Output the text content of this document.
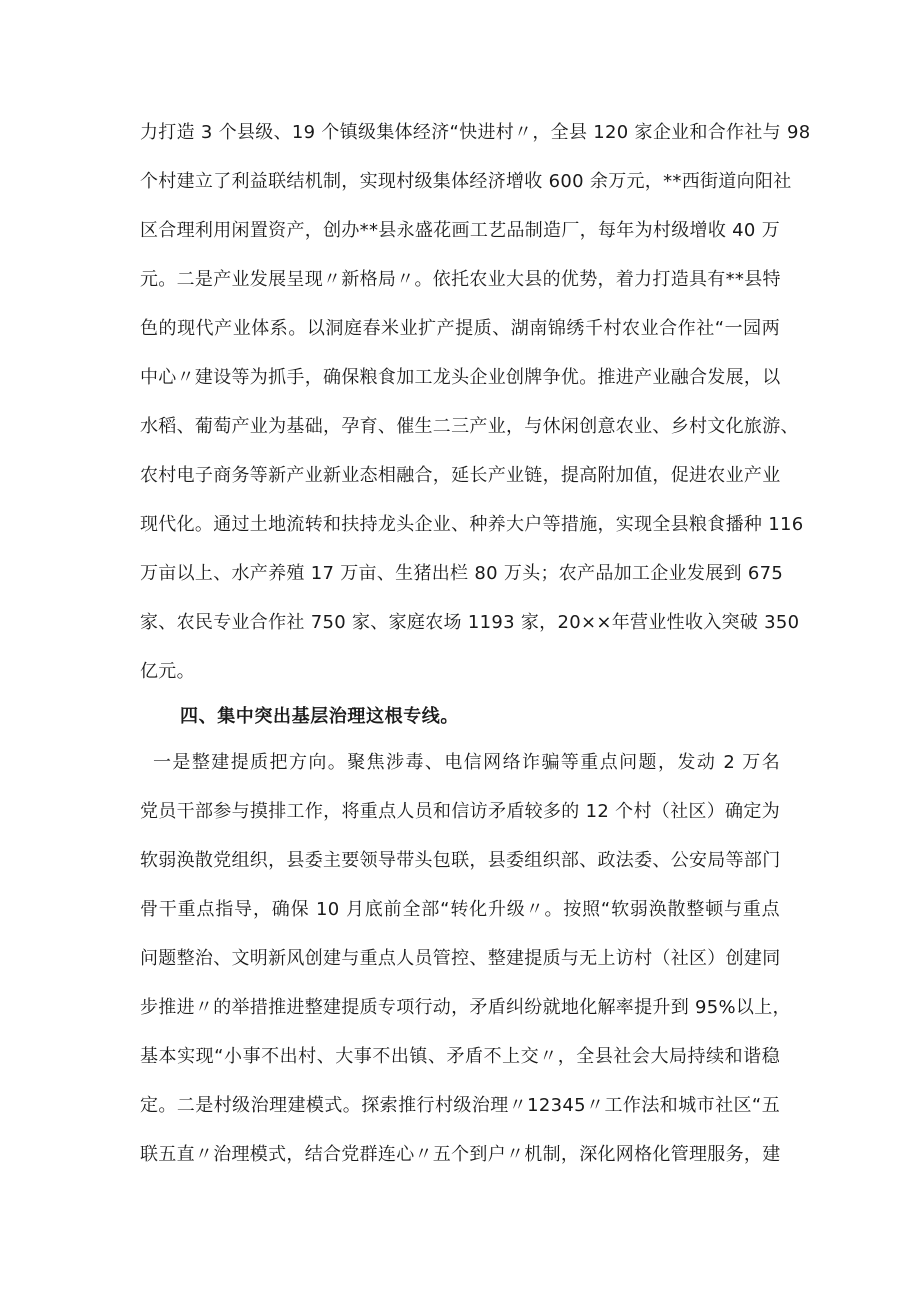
力打造 3 个县级、19 个镇级集体经济“快进村〃，全县 120 家企业和合作社与 98
个村建立了利益联结机制，实现村级集体经济增收 600 余万元，**西街道向阳社
区合理利用闲置资产，创办**县永盛花画工艺品制造厂，每年为村级增收 40 万
元。二是产业发展呈现〃新格局〃。依托农业大县的优势，着力打造具有**县特
色的现代产业体系。以洞庭春米业扩产提质、湖南锦绣千村农业合作社“一园两
中心〃建设等为抓手，确保粮食加工龙头企业创牌争优。推进产业融合发展，以
水稻、葡萄产业为基础，孕育、催生二三产业，与休闲创意农业、乡村文化旅游、
农村电子商务等新产业新业态相融合，延长产业链，提高附加值，促进农业产业
现代化。通过土地流转和扶持龙头企业、种养大户等措施，实现全县粮食播种 116
万亩以上、水产养殖 17 万亩、生猪出栏 80 万头；农产品加工企业发展到 675
家、农民专业合作社 750 家、家庭农场 1193 家，20××年营业性收入突破 350
亿元。
四、集中突出基层治理这根专线。
一是整建提质把方向。聚焦涉毒、电信网络诈骗等重点问题，发动 2 万名
党员干部参与摸排工作，将重点人员和信访矛盾较多的 12 个村（社区）确定为
软弱涣散党组织，县委主要领导带头包联，县委组织部、政法委、公安局等部门
骨干重点指导，确保 10 月底前全部“转化升级〃。按照“软弱涣散整顿与重点
问题整治、文明新风创建与重点人员管控、整建提质与无上访村（社区）创建同
步推进〃的举措推进整建提质专项行动，矛盾纠纷就地化解率提升到 95%以上，
基本实现“小事不出村、大事不出镇、矛盾不上交〃，全县社会大局持续和谐稳
定。二是村级治理建模式。探索推行村级治理〃12345〃工作法和城市社区“五
联五直〃治理模式，结合党群连心〃五个到户〃机制，深化网格化管理服务，建
